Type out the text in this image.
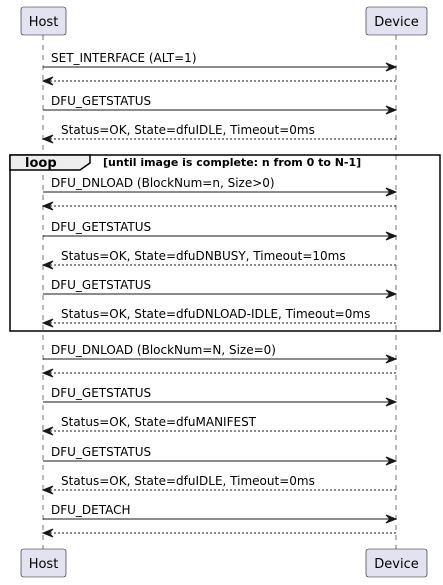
loop	[until image is complete: n from 0 to N-1]
SET_INTERFACE (ALT=1)
DFU_GETSTATUS
Status=OK, State=dfuIDLE, Timeout=0ms
DFU_DNLOAD (BlockNum=n, Size>0)
DFU_GETSTATUS
Status=OK, State=dfuDNBUSY, Timeout=10ms
DFU_GETSTATUS
Status=OK, State=dfuDNLOAD-IDLE, Timeout=0ms
DFU_DNLOAD (BlockNum=N, Size=0)
DFU_GETSTATUS
Status=OK, State=dfuMANIFEST
DFU_GETSTATUS
Status=OK, State=dfuIDLE, Timeout=0ms
DFU_DETACH
Host
Host
Device
Device
